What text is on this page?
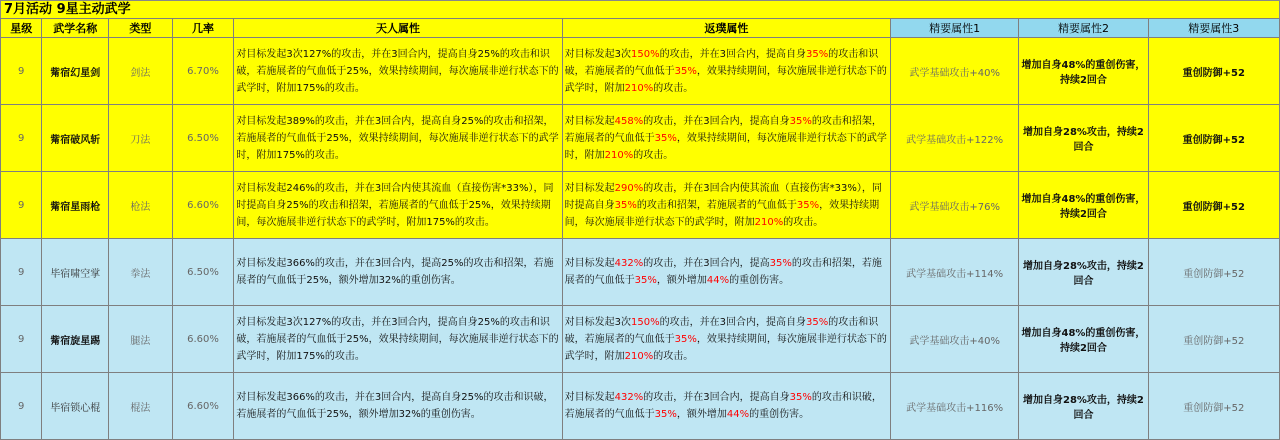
7月活动 9星主动武学
星级	武学名称	类型	几率	天人属性	返璞属性	精要属性1	精要属性2	精要属性3
9	觜宿幻星剑	剑法	6.70%	对目标发起3次127%的攻击，并在3回合内，提高自身25%的攻击和识破，若施展者的气血低于25%，效果持续期间，每次施展非逆行状态下的武学时，附加175%的攻击。	对目标发起3次150%的攻击，并在3回合内，提高自身35%的攻击和识破，若施展者的气血低于35%，效果持续期间，每次施展非逆行状态下的武学时，附加210%的攻击。	武学基础攻击+40%	增加自身48%的重创伤害，持续2回合	重创防御+52
9	觜宿破风斩	刀法	6.50%	对目标发起389%的攻击，并在3回合内，提高自身25%的攻击和招架，若施展者的气血低于25%，效果持续期间，每次施展非逆行状态下的武学时，附加175%的攻击。	对目标发起458%的攻击，并在3回合内，提高自身35%的攻击和招架，若施展者的气血低于35%，效果持续期间，每次施展非逆行状态下的武学时，附加210%的攻击。	武学基础攻击+122%	增加自身28%攻击，持续2回合	重创防御+52
9	觜宿星雨枪	枪法	6.60%	对目标发起246%的攻击，并在3回合内使其流血（直接伤害*33%），同时提高自身25%的攻击和招架，若施展者的气血低于25%，效果持续期间，每次施展非逆行状态下的武学时，附加175%的攻击。	对目标发起290%的攻击，并在3回合内使其流血（直接伤害*33%），同时提高自身35%的攻击和招架，若施展者的气血低于35%，效果持续期间，每次施展非逆行状态下的武学时，附加210%的攻击。	武学基础攻击+76%	增加自身48%的重创伤害，持续2回合	重创防御+52
9	毕宿啸空掌	拳法	6.50%	对目标发起366%的攻击，并在3回合内，提高25%的攻击和招架，若施展者的气血低于25%，额外增加32%的重创伤害。	对目标发起432%的攻击，并在3回合内，提高35%的攻击和招架，若施展者的气血低于35%，额外增加44%的重创伤害。	武学基础攻击+114%	增加自身28%攻击，持续2回合	重创防御+52
9	觜宿旋星踢	腿法	6.60%	对目标发起3次127%的攻击，并在3回合内，提高自身25%的攻击和识破，若施展者的气血低于25%，效果持续期间，每次施展非逆行状态下的武学时，附加175%的攻击。	对目标发起3次150%的攻击，并在3回合内，提高自身35%的攻击和识破，若施展者的气血低于35%，效果持续期间，每次施展非逆行状态下的武学时，附加210%的攻击。	武学基础攻击+40%	增加自身48%的重创伤害，持续2回合	重创防御+52
9	毕宿锁心棍	棍法	6.60%	对目标发起366%的攻击，并在3回合内，提高自身25%的攻击和识破，若施展者的气血低于25%，额外增加32%的重创伤害。	对目标发起432%的攻击，并在3回合内，提高自身35%的攻击和识破，若施展者的气血低于35%，额外增加44%的重创伤害。	武学基础攻击+116%	增加自身28%攻击，持续2回合	重创防御+52
